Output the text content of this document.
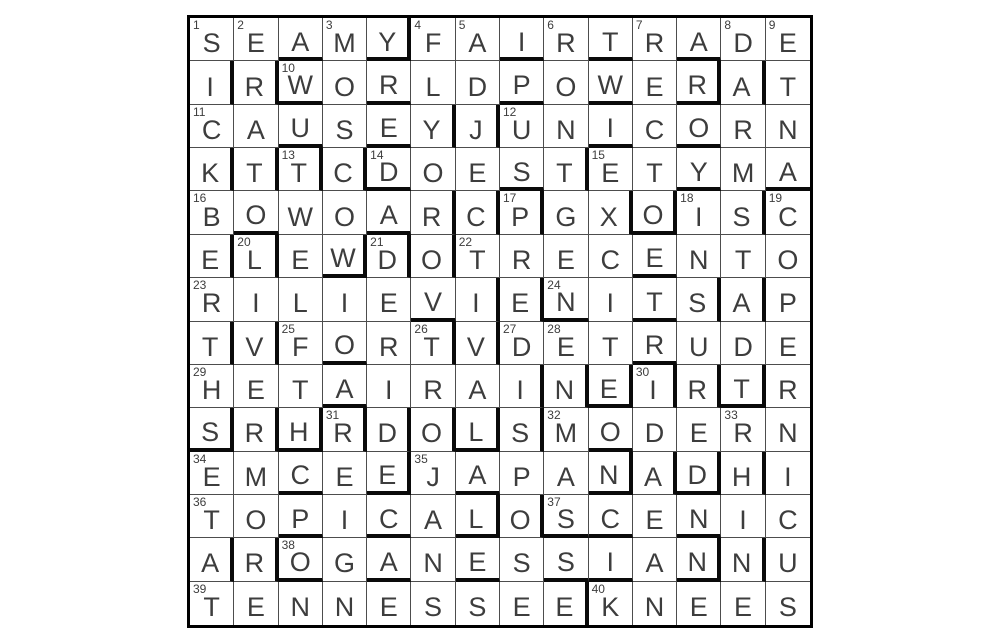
1
S
2
E A
3
M Y
4
F
5
A I
6
R T
7
R A
8
D
9
E
I R
10
W O R L D P O W E R A T
11
C A U S E Y J
12
U N I C O R N
K T
13
T C
14
D O E S T
15
E T Y M A
16
B O W O A R C
17
P G X O
18
I S
19
C
E
20
L E W
21
D O
22
T R E C E N T O
23
R I L I E V I E
24
N I T S A P
T V
25
F O R
26
T V
27
D
28
E T R U D E
29
H E T A I R A I N E
30
I R T R
S R H
31
R D O L S
32
M O D E
33
R N
34
E M C E E
35
J A P A N A D H I
36
T O P I C A L O
37
S C E N I C
A R
38
O G A N E S S I A N N U
39
T E N N E S S E E
40
K N E E S
